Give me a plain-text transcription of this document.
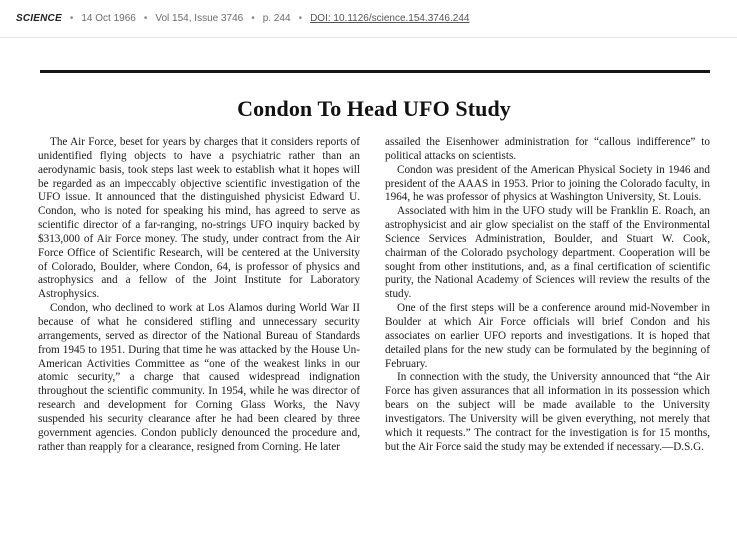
SCIENCE • 14 Oct 1966 • Vol 154, Issue 3746 • p. 244 • DOI: 10.1126/science.154.3746.244
Condon To Head UFO Study

The Air Force, beset for years by charges that it considers reports of unidentified flying objects to have a psychiatric rather than an aerodynamic basis, took steps last week to establish what it hopes will be regarded as an impeccably objective scientific investigation of the UFO issue. It announced that the distinguished physicist Edward U. Condon, who is noted for speaking his mind, has agreed to serve as scientific director of a far-ranging, no-strings UFO inquiry backed by $313,000 of Air Force money. The study, under contract from the Air Force Office of Scientific Research, will be centered at the University of Colorado, Boulder, where Condon, 64, is professor of physics and astrophysics and a fellow of the Joint Institute for Laboratory Astrophysics.

Condon, who declined to work at Los Alamos during World War II because of what he considered stifling and unnecessary security arrangements, served as director of the National Bureau of Standards from 1945 to 1951. During that time he was attacked by the House Un-American Activities Committee as “one of the weakest links in our atomic security,” a charge that caused widespread indignation throughout the scientific community. In 1954, while he was director of research and development for Corning Glass Works, the Navy suspended his security clearance after he had been cleared by three government agencies. Condon publicly denounced the procedure and, rather than reapply for a clearance, resigned from Corning. He later

assailed the Eisenhower administration for “callous indifference” to political attacks on scientists.

Condon was president of the American Physical Society in 1946 and president of the AAAS in 1953. Prior to joining the Colorado faculty, in 1964, he was professor of physics at Washington University, St. Louis.

Associated with him in the UFO study will be Franklin E. Roach, an astrophysicist and air glow specialist on the staff of the Environmental Science Services Administration, Boulder, and Stuart W. Cook, chairman of the Colorado psychology department. Cooperation will be sought from other institutions, and, as a final certification of scientific purity, the National Academy of Sciences will review the results of the study.

One of the first steps will be a conference around mid-November in Boulder at which Air Force officials will brief Condon and his associates on earlier UFO reports and investigations. It is hoped that detailed plans for the new study can be formulated by the beginning of February.

In connection with the study, the University announced that “the Air Force has given assurances that all information in its possession which bears on the subject will be made available to the University investigators. The University will be given everything, not merely that which it requests.” The contract for the investigation is for 15 months, but the Air Force said the study may be extended if necessary.—D.S.G.
